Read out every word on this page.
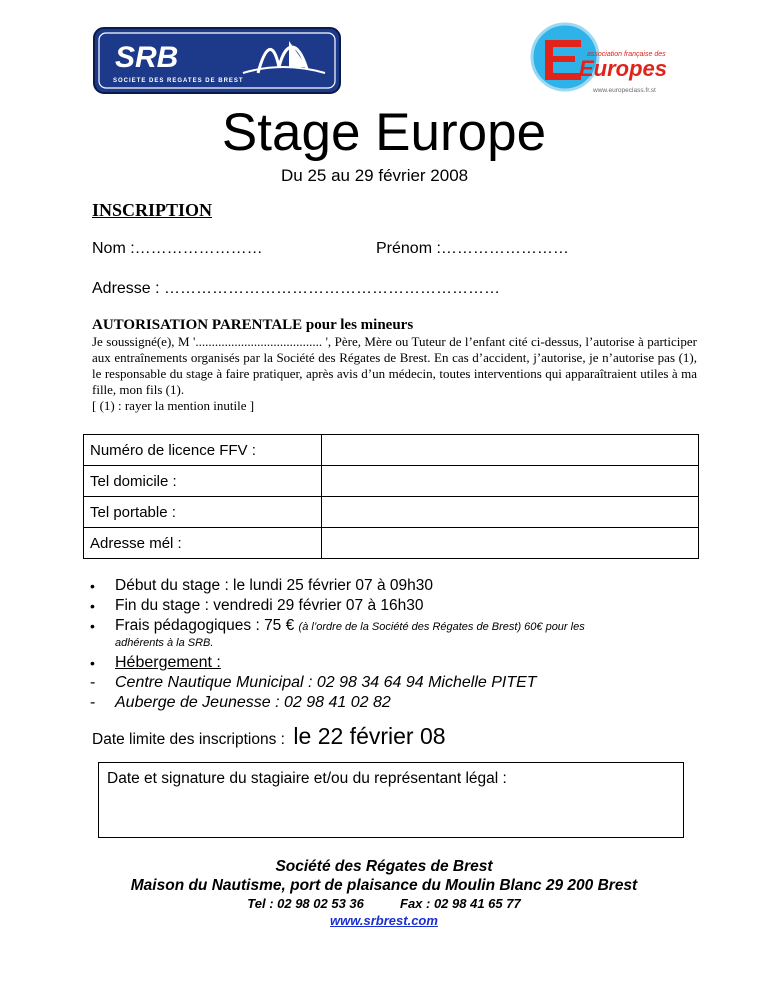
SRB
SOCIETE DES REGATES DE BREST
association française des
Europes
www.europeclass.fr.st
Stage Europe
Du 25 au 29 février 2008
INSCRIPTION
Nom :……………………	Prénom :……………………
Adresse : ………………………………………………………
AUTORISATION PARENTALE pour les mineurs

Je soussigné(e), M '....................................... ', Père, Mère ou Tuteur de l’enfant cité ci-dessus, l’autorise à participer aux entraînements organisés par la Société des Régates de Brest. En cas d’accident, j’autorise, je n’autorise pas (1), le responsable du stage à faire pratiquer, après avis d’un médecin, toutes interventions qui apparaîtraient utiles à ma fille, mon fils (1).

[ (1) : rayer la mention inutile ]

Numéro de licence FFV :	
Tel domicile :	
Tel portable :	
Adresse mél :	
•	Début du stage : le lundi 25 février 07 à 09h30
•	Fin du stage : vendredi 29 février 07 à 16h30
•	Frais pédagogiques : 75 € (à l’ordre de la Société des Régates de Brest) 60€ pour les
adhérents à la SRB.
•	Hébergement :
-	Centre Nautique Municipal : 02 98 34 64 94 Michelle PITET
-	Auberge de Jeunesse : 02 98 41 02 82
Date limite des inscriptions : le 22 février 08
Date et signature du stagiaire et/ou du représentant légal :
Société des Régates de Brest
Maison du Nautisme, port de plaisance du Moulin Blanc 29 200 Brest
Tel : 02 98 02 53 36          Fax : 02 98 41 65 77
www.srbrest.com
